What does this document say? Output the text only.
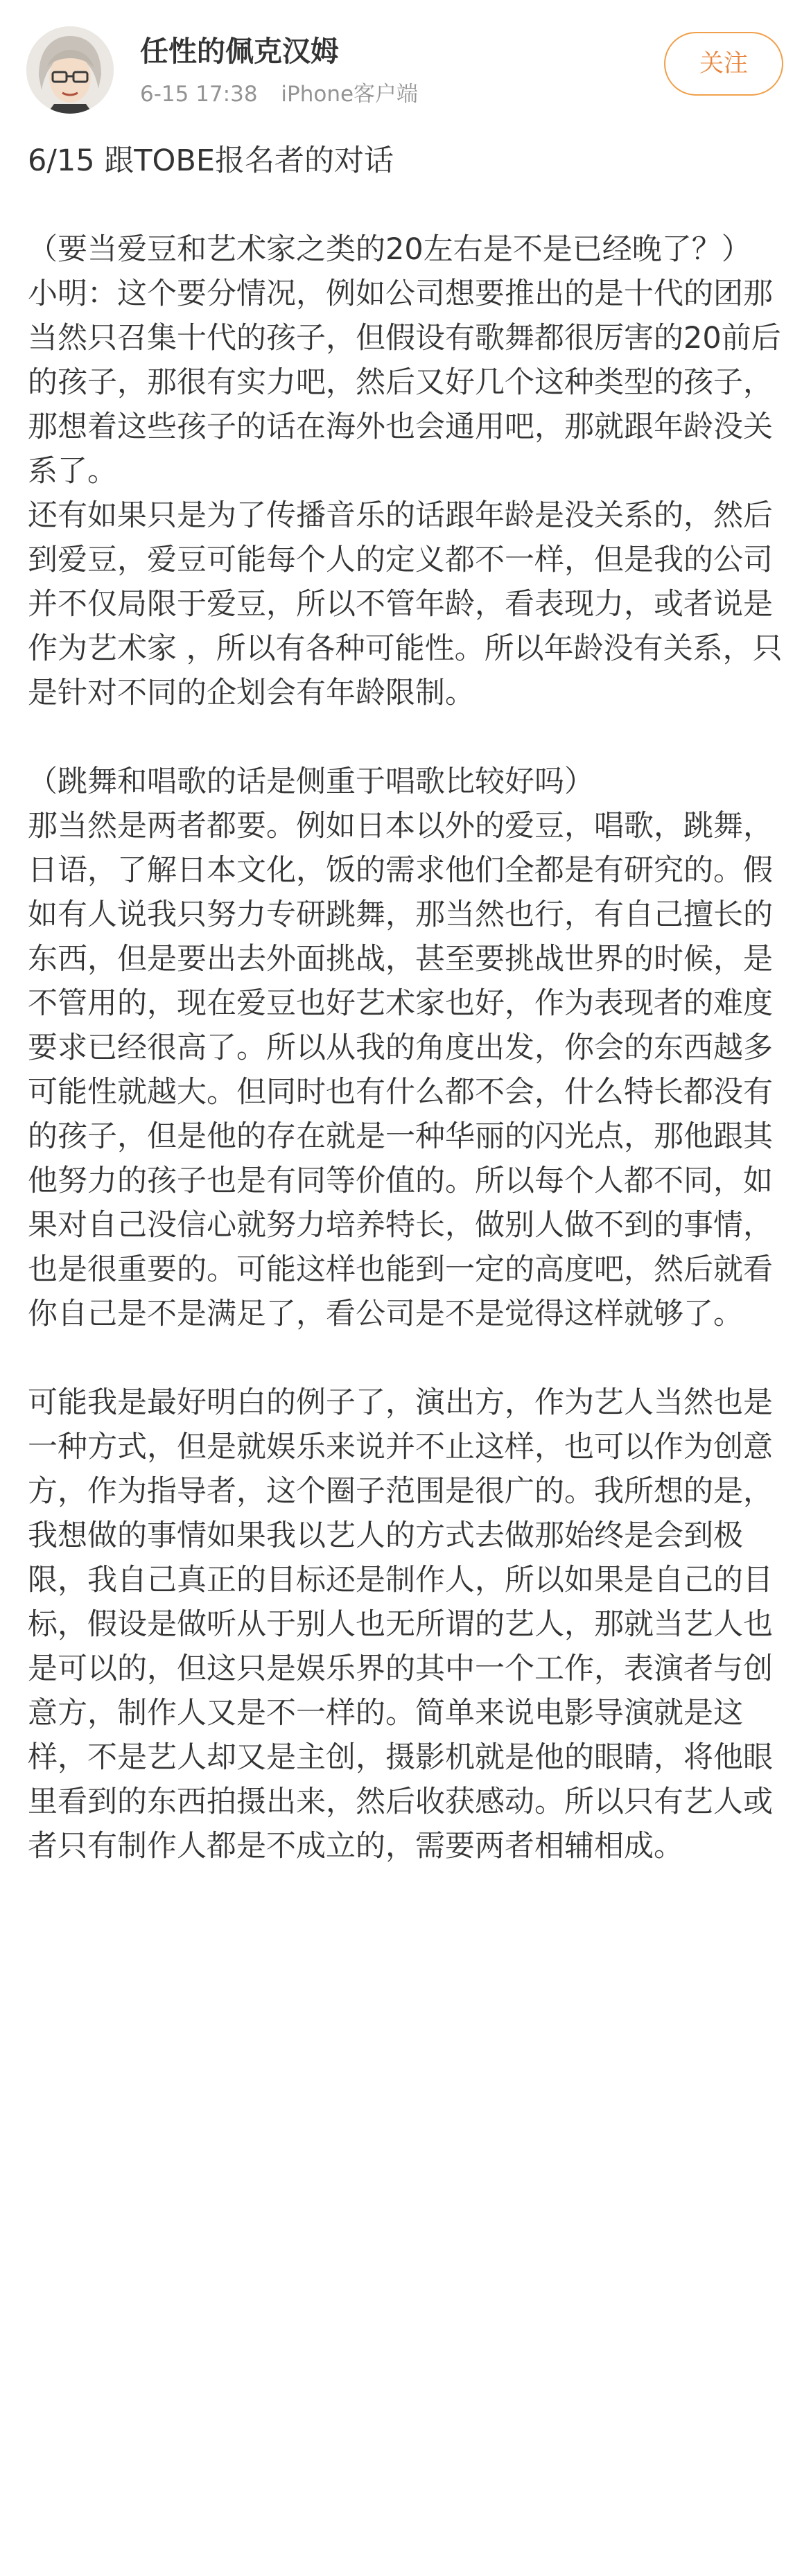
任性的佩克汉姆
6-15 17:38 iPhone客户端
关注

6/15 跟TOBE报名者的对话

（要当爱豆和艺术家之类的20左右是不是已经晚了？）

小明：这个要分情况，例如公司想要推出的是十代的团那当然只召集十代的孩子，但假设有歌舞都很厉害的20前后的孩子，那很有实力吧，然后又好几个这种类型的孩子，那想着这些孩子的话在海外也会通用吧，那就跟年龄没关系了。

还有如果只是为了传播音乐的话跟年龄是没关系的，然后到爱豆，爱豆可能每个人的定义都不一样，但是我的公司并不仅局限于爱豆，所以不管年龄，看表现力，或者说是作为艺术家 ，所以有各种可能性。所以年龄没有关系，只是针对不同的企划会有年龄限制。

（跳舞和唱歌的话是侧重于唱歌比较好吗）

那当然是两者都要。例如日本以外的爱豆，唱歌，跳舞，日语，了解日本文化，饭的需求他们全都是有研究的。假如有人说我只努力专研跳舞，那当然也行，有自己擅长的东西，但是要出去外面挑战，甚至要挑战世界的时候，是不管用的，现在爱豆也好艺术家也好，作为表现者的难度要求已经很高了。所以从我的角度出发，你会的东西越多可能性就越大。但同时也有什么都不会，什么特长都没有的孩子，但是他的存在就是一种华丽的闪光点，那他跟其他努力的孩子也是有同等价值的。所以每个人都不同，如果对自己没信心就努力培养特长，做别人做不到的事情，也是很重要的。可能这样也能到一定的高度吧，然后就看你自己是不是满足了，看公司是不是觉得这样就够了。

可能我是最好明白的例子了，演出方，作为艺人当然也是一种方式，但是就娱乐来说并不止这样，也可以作为创意方，作为指导者，这个圈子范围是很广的。我所想的是，我想做的事情如果我以艺人的方式去做那始终是会到极限，我自己真正的目标还是制作人，所以如果是自己的目标，假设是做听从于别人也无所谓的艺人，那就当艺人也是可以的，但这只是娱乐界的其中一个工作，表演者与创意方，制作人又是不一样的。简单来说电影导演就是这样，不是艺人却又是主创，摄影机就是他的眼睛，将他眼里看到的东西拍摄出来，然后收获感动。所以只有艺人或者只有制作人都是不成立的，需要两者相辅相成。
